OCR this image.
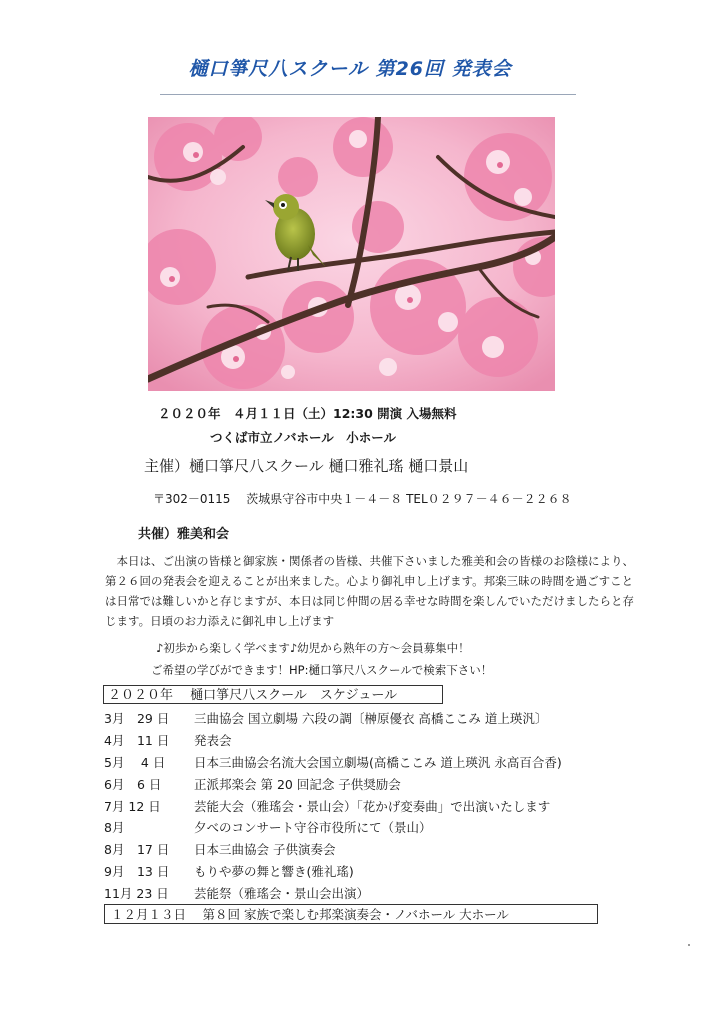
樋口箏尺八スクール 第26回 発表会
２０２０年　４月１１日（土）12:30 開演 入場無料
つくば市立ノバホール　小ホール
主催）樋口箏尺八スクール 樋口雅礼瑤 樋口景山
〒302－0115　 茨城県守谷市中央１－４－８ TEL０２９７－４６－２２６８
共催）雅美和会

本日は、ご出演の皆様と御家族・関係者の皆様、共催下さいました雅美和会の皆様のお陰様により、第２６回の発表会を迎えることが出来ました。心より御礼申し上げます。邦楽三昧の時間を過ごすことは日常では難しいかと存じますが、本日は同じ仲間の居る幸せな時間を楽しんでいただけましたらと存じます。日頃のお力添えに御礼申し上げます

♪初歩から楽しく学べます♪幼児から熟年の方～会員募集中！
ご希望の学びができます！HP:樋口箏尺八スクールで検索下さい！
２０２０年　 樋口箏尺八スクール　スケジュール
3月　29 日 三曲協会 国立劇場 六段の調〔榊原優衣 高橋ここみ 道上瑛汎〕
4月　11 日 発表会
5月　 4 日 日本三曲協会名流大会国立劇場(高橋ここみ 道上瑛汎 永高百合香)
6月　6 日	正派邦楽会 第 20 回記念 子供奨励会
7月 12 日	芸能大会（雅瑤会・景山会）「花かげ変奏曲」で出演いたします
8月	夕べのコンサート守谷市役所にて（景山）
8月　17 日 日本三曲協会 子供演奏会
9月　13 日 もりや夢の舞と響き(雅礼瑤)
11月 23 日 芸能祭（雅瑤会・景山会出演）
１２月１３日　 第８回 家族で楽しむ邦楽演奏会・ノバホール 大ホール
